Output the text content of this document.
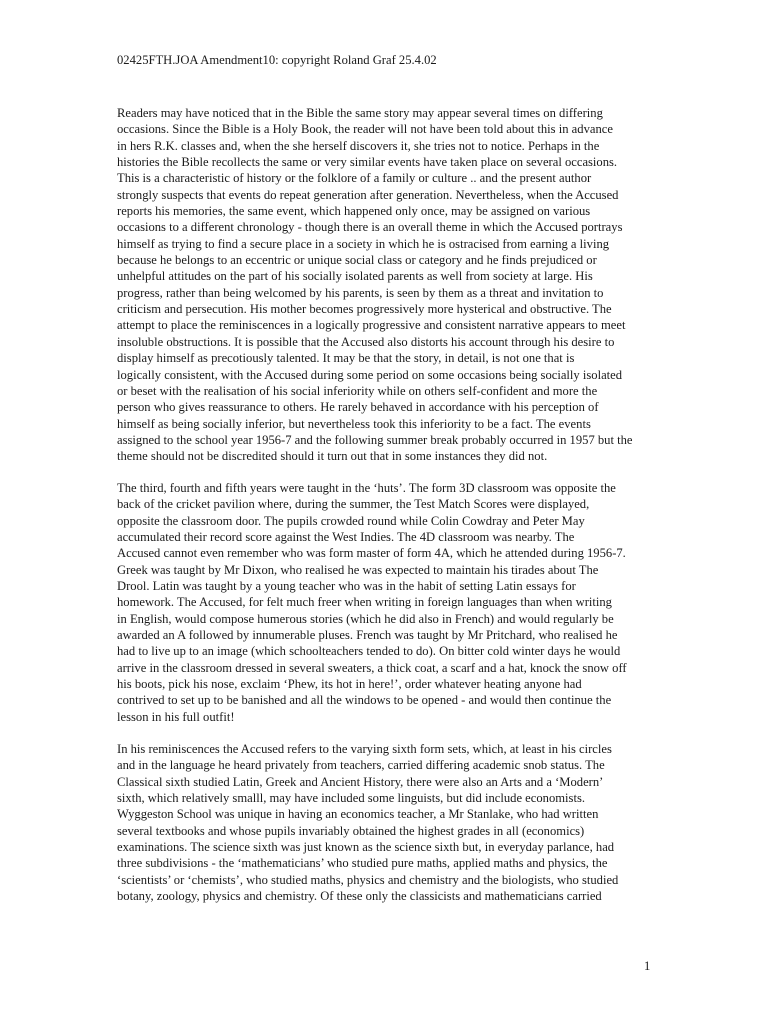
02425FTH.JOA Amendment10: copyright Roland Graf 25.4.02

Readers may have noticed that in the Bible the same story may appear several times on differing
occasions. Since the Bible is a Holy Book, the reader will not have been told about this in advance
in hers R.K. classes and, when the she herself discovers it, she tries not to notice. Perhaps in the
histories the Bible recollects the same or very similar events have taken place on several occasions.
This is a characteristic of history or the folklore of a family or culture .. and the present author
strongly suspects that events do repeat generation after generation. Nevertheless, when the Accused
reports his memories, the same event, which happened only once, may be assigned on various
occasions to a different chronology - though there is an overall theme in which the Accused portrays
himself as trying to find a secure place in a society in which he is ostracised from earning a living
because he belongs to an eccentric or unique social class or category and he finds prejudiced or
unhelpful attitudes on the part of his socially isolated parents as well from society at large. His
progress, rather than being welcomed by his parents, is seen by them as a threat and invitation to
criticism and persecution. His mother becomes progressively more hysterical and obstructive. The
attempt to place the reminiscences in a logically progressive and consistent narrative appears to meet
insoluble obstructions. It is possible that the Accused also distorts his account through his desire to
display himself as precotiously talented. It may be that the story, in detail, is not one that is
logically consistent, with the Accused during some period on some occasions being socially isolated
or beset with the realisation of his social inferiority while on others self-confident and more the
person who gives reassurance to others. He rarely behaved in accordance with his perception of
himself as being socially inferior, but nevertheless took this inferiority to be a fact. The events
assigned to the school year 1956-7 and the following summer break probably occurred in 1957 but the
theme should not be discredited should it turn out that in some instances they did not.

The third, fourth and fifth years were taught in the ‘huts’. The form 3D classroom was opposite the
back of the cricket pavilion where, during the summer, the Test Match Scores were displayed,
opposite the classroom door. The pupils crowded round while Colin Cowdray and Peter May
accumulated their record score against the West Indies. The 4D classroom was nearby. The
Accused cannot even remember who was form master of form 4A, which he attended during 1956-7.
Greek was taught by Mr Dixon, who realised he was expected to maintain his tirades about The
Drool. Latin was taught by a young teacher who was in the habit of setting Latin essays for
homework. The Accused, for felt much freer when writing in foreign languages than when writing
in English, would compose humerous stories (which he did also in French) and would regularly be
awarded an A followed by innumerable pluses. French was taught by Mr Pritchard, who realised he
had to live up to an image (which schoolteachers tended to do). On bitter cold winter days he would
arrive in the classroom dressed in several sweaters, a thick coat, a scarf and a hat, knock the snow off
his boots, pick his nose, exclaim ‘Phew, its hot in here!’, order whatever heating anyone had
contrived to set up to be banished and all the windows to be opened - and would then continue the
lesson in his full outfit!

In his reminiscences the Accused refers to the varying sixth form sets, which, at least in his circles
and in the language he heard privately from teachers, carried differing academic snob status. The
Classical sixth studied Latin, Greek and Ancient History, there were also an Arts and a ‘Modern’
sixth, which relatively smalll, may have included some linguists, but did include economists.
Wyggeston School was unique in having an economics teacher, a Mr Stanlake, who had written
several textbooks and whose pupils invariably obtained the highest grades in all (economics)
examinations. The science sixth was just known as the science sixth but, in everyday parlance, had
three subdivisions - the ‘mathematicians’ who studied pure maths, applied maths and physics, the
‘scientists’ or ‘chemists’, who studied maths, physics and chemistry and the biologists, who studied
botany, zoology, physics and chemistry. Of these only the classicists and mathematicians carried

1
